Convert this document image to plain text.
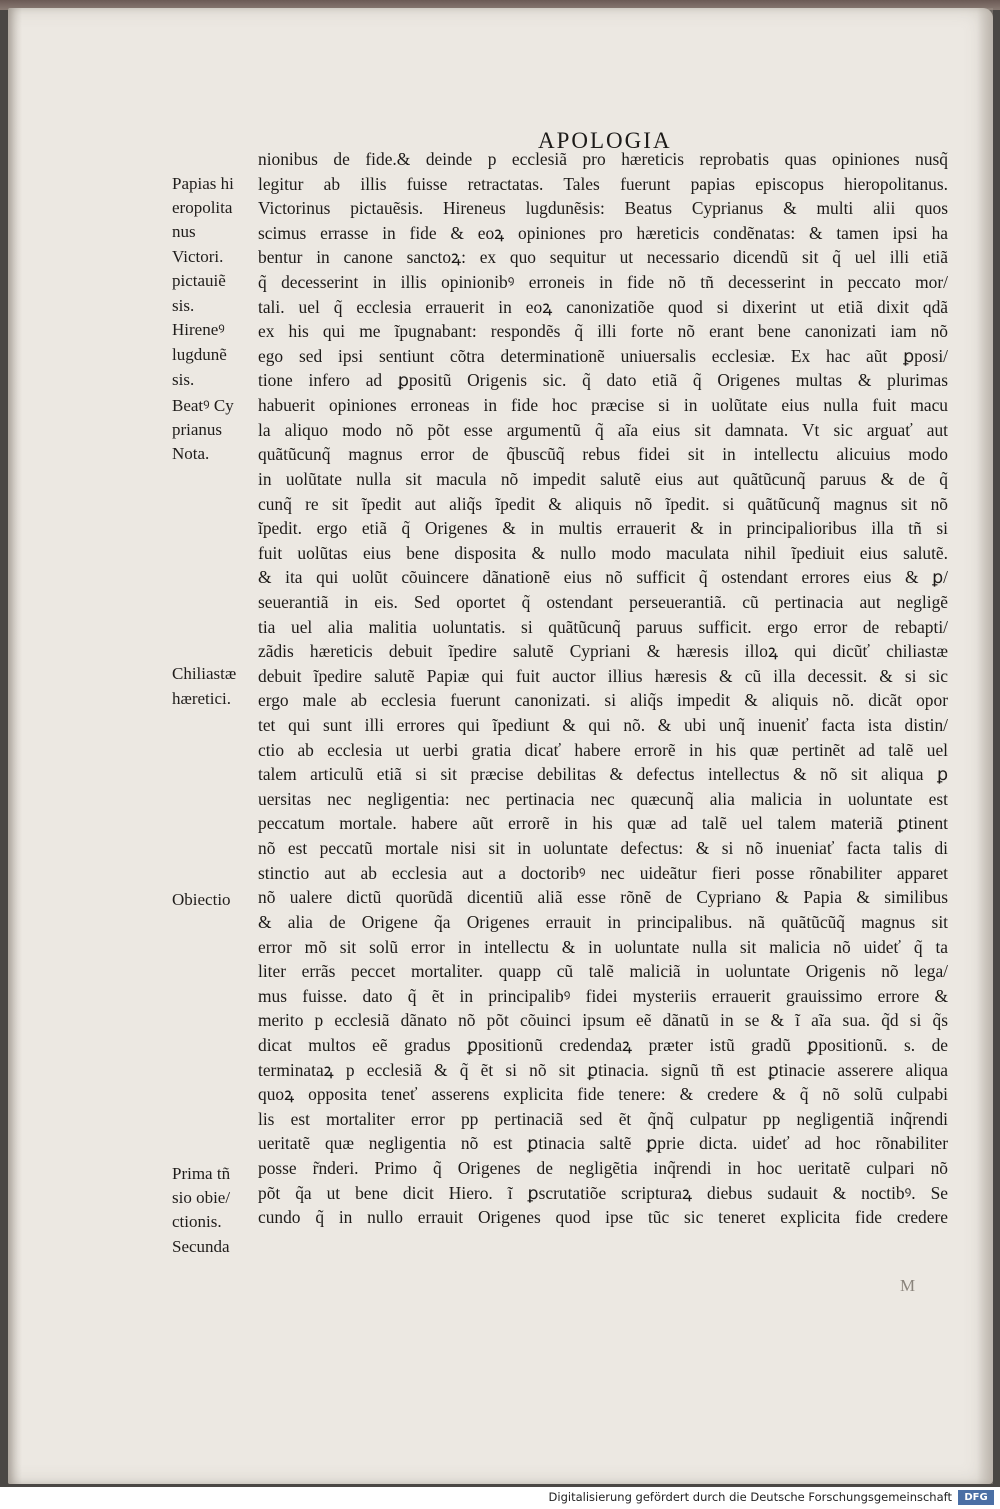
APOLOGIA
Papias hi
eropolita
nus
Victori.
pictauiẽ
sis.
Hireneꝰ
lugdunẽ
sis.
Beatꝰ Cy
prianus
Nota.
Chiliastæ
hæretici.
Obiectio
Prima tñ
sio obie/
ctionis.
Secunda
nionibus de fide.& deinde p ecclesiã pro hæreticis reprobatis quas opiniones nusq̃
legitur ab illis fuisse retractatas. Tales fuerunt papias episcopus hieropolitanus.
Victorinus pictauẽsis. Hireneus lugdunẽsis: Beatus Cyprianus & multi alii quos
scimus errasse in fide & eoꝝ opiniones pro hæreticis condẽnatas: & tamen ipsi ha
bentur in canone sanctoꝝ: ex quo sequitur ut necessario dicendũ sit q̃ uel illi etiã
q̃ decesserint in illis opinionibꝰ erroneis in fide nõ tñ decesserint in peccato mor/
tali. uel q̃ ecclesia errauerit in eoꝝ canonizatiõe quod si dixerint ut etiã dixit qdã
ex his qui me ĩpugnabant: respondẽs q̃ illi forte nõ erant bene canonizati iam nõ
ego sed ipsi sentiunt cõtra determinationẽ uniuersalis ecclesiæ. Ex hac aũt ꝑposi/
tione infero ad ꝑpositũ Origenis sic. q̃ dato etiã q̃ Origenes multas & plurimas
habuerit opiniones erroneas in fide hoc præcise si in uolũtate eius nulla fuit macu
la aliquo modo nõ põt esse argumentũ q̃ aĩa eius sit damnata. Vt sic arguať aut
quãtũcunq̃ magnus error de q̃buscũq̃ rebus fidei sit in intellectu alicuius modo
in uolũtate nulla sit macula nõ impedit salutẽ eius aut quãtũcunq̃ paruus & de q̃
cunq̃ re sit ĩpedit aut aliq̃s ĩpedit & aliquis nõ ĩpedit. si quãtũcunq̃ magnus sit nõ
ĩpedit. ergo etiã q̃ Origenes & in multis errauerit & in principalioribus illa tñ si
fuit uolũtas eius bene disposita & nullo modo maculata nihil ĩpediuit eius salutẽ.
& ita qui uolũt cõuincere dãnationẽ eius nõ sufficit q̃ ostendant errores eius & ꝑ/
seuerantiã in eis. Sed oportet q̃ ostendant perseuerantiã. cũ pertinacia aut negligẽ
tia uel alia malitia uoluntatis. si quãtũcunq̃ paruus sufficit. ergo error de rebapti/
zãdis hæreticis debuit ĩpedire salutẽ Cypriani & hæresis illoꝝ qui dicũť chiliastæ
debuit ĩpedire salutẽ Papiæ qui fuit auctor illius hæresis & cũ illa decessit. & si sic
ergo male ab ecclesia fuerunt canonizati. si aliq̃s impedit & aliquis nõ. dicãt opor
tet qui sunt illi errores qui ĩpediunt & qui nõ. & ubi unq̃ inueniť facta ista distin/
ctio ab ecclesia ut uerbi gratia dicať habere errorẽ in his quæ pertinẽt ad talẽ uel
talem articulũ etiã si sit præcise debilitas & defectus intellectus & nõ sit aliqua ꝑ
uersitas nec negligentia: nec pertinacia nec quæcunq̃ alia malicia in uoluntate est
peccatum mortale. habere aũt errorẽ in his quæ ad talẽ uel talem materiã ꝑtinent
nõ est peccatũ mortale nisi sit in uoluntate defectus: & si nõ inueniať facta talis di
stinctio aut ab ecclesia aut a doctoribꝰ nec uideãtur fieri posse rõnabiliter apparet
nõ ualere dictũ quorũdã dicentiũ aliã esse rõnẽ de Cypriano & Papia & similibus
& alia de Origene q̃a Origenes errauit in principalibus. nã quãtũcũq̃ magnus sit
error mõ sit solũ error in intellectu & in uoluntate nulla sit malicia nõ uideť q̃ ta
liter errãs peccet mortaliter. quapp cũ talẽ maliciã in uoluntate Origenis nõ lega/
mus fuisse. dato q̃ ẽt in principalibꝰ fidei mysteriis errauerit grauissimo errore &
merito p ecclesiã dãnato nõ põt cõuinci ipsum eẽ dãnatũ in se & ĩ aĩa sua. q̃d si q̃s
dicat multos eẽ gradus ꝑpositionũ credendaꝝ præter istũ gradũ ꝑpositionũ. s. de
terminataꝝ p ecclesiã & q̃ ẽt si nõ sit ꝑtinacia. signũ tñ est ꝑtinacie asserere aliqua
quoꝝ opposita teneť asserens explicita fide tenere: & credere & q̃ nõ solũ culpabi
lis est mortaliter error pp pertinaciã sed ẽt q̃nq̃ culpatur pp negligentiã inq̃rendi
ueritatẽ quæ negligentia nõ est ꝑtinacia saltẽ ꝑprie dicta. uideť ad hoc rõnabiliter
posse r̃nderi. Primo q̃ Origenes de negligẽtia inq̃rendi in hoc ueritatẽ culpari nõ
põt q̃a ut bene dicit Hiero. ĩ ꝑscrutatiõe scripturaꝝ diebus sudauit & noctibꝰ. Se
cundo q̃ in nullo errauit Origenes quod ipse tũc sic teneret explicita fide credere
M
Digitalisierung gefördert durch die Deutsche Forschungsgemeinschaft	DFG
